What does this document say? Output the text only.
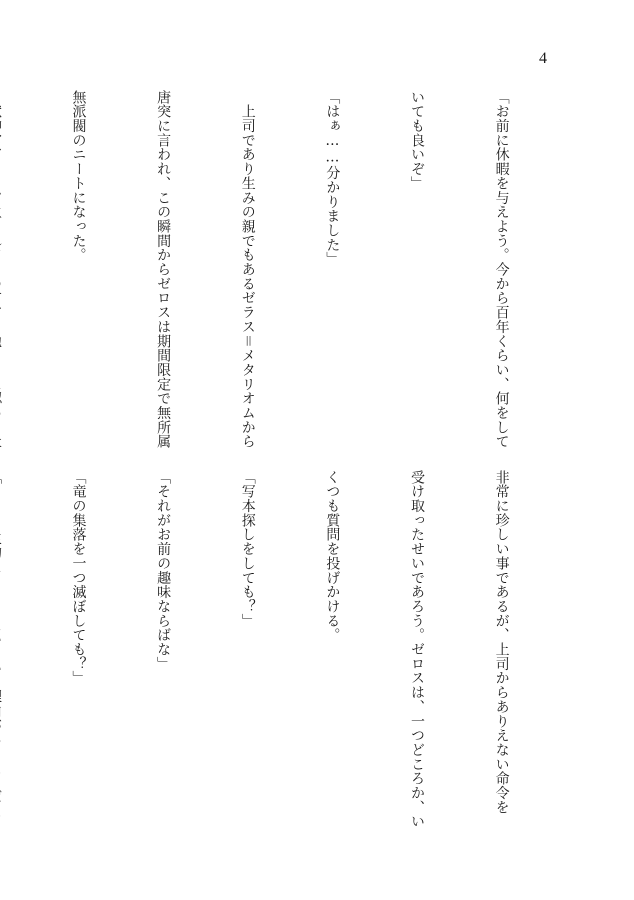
4

「お前に休暇を与えよう。今から百年くらい、何をして

いても良いぞ」

「はぁ……分かりました」

　上司であり生みの親でもあるゼラス＝メタリオムから

唐突に言われ、この瞬間からゼロスは期間限定で無所属

無派閥のニートになった。

非常に珍しい事であるが、上司からありえない命令を

受け取ったせいであろう。ゼロスは、一つどころか、い

くつも質問を投げかける。

「写本探しをしても？」

「それがお前の趣味ならばな」

「竜の集落を一つ滅ぼしても？」
